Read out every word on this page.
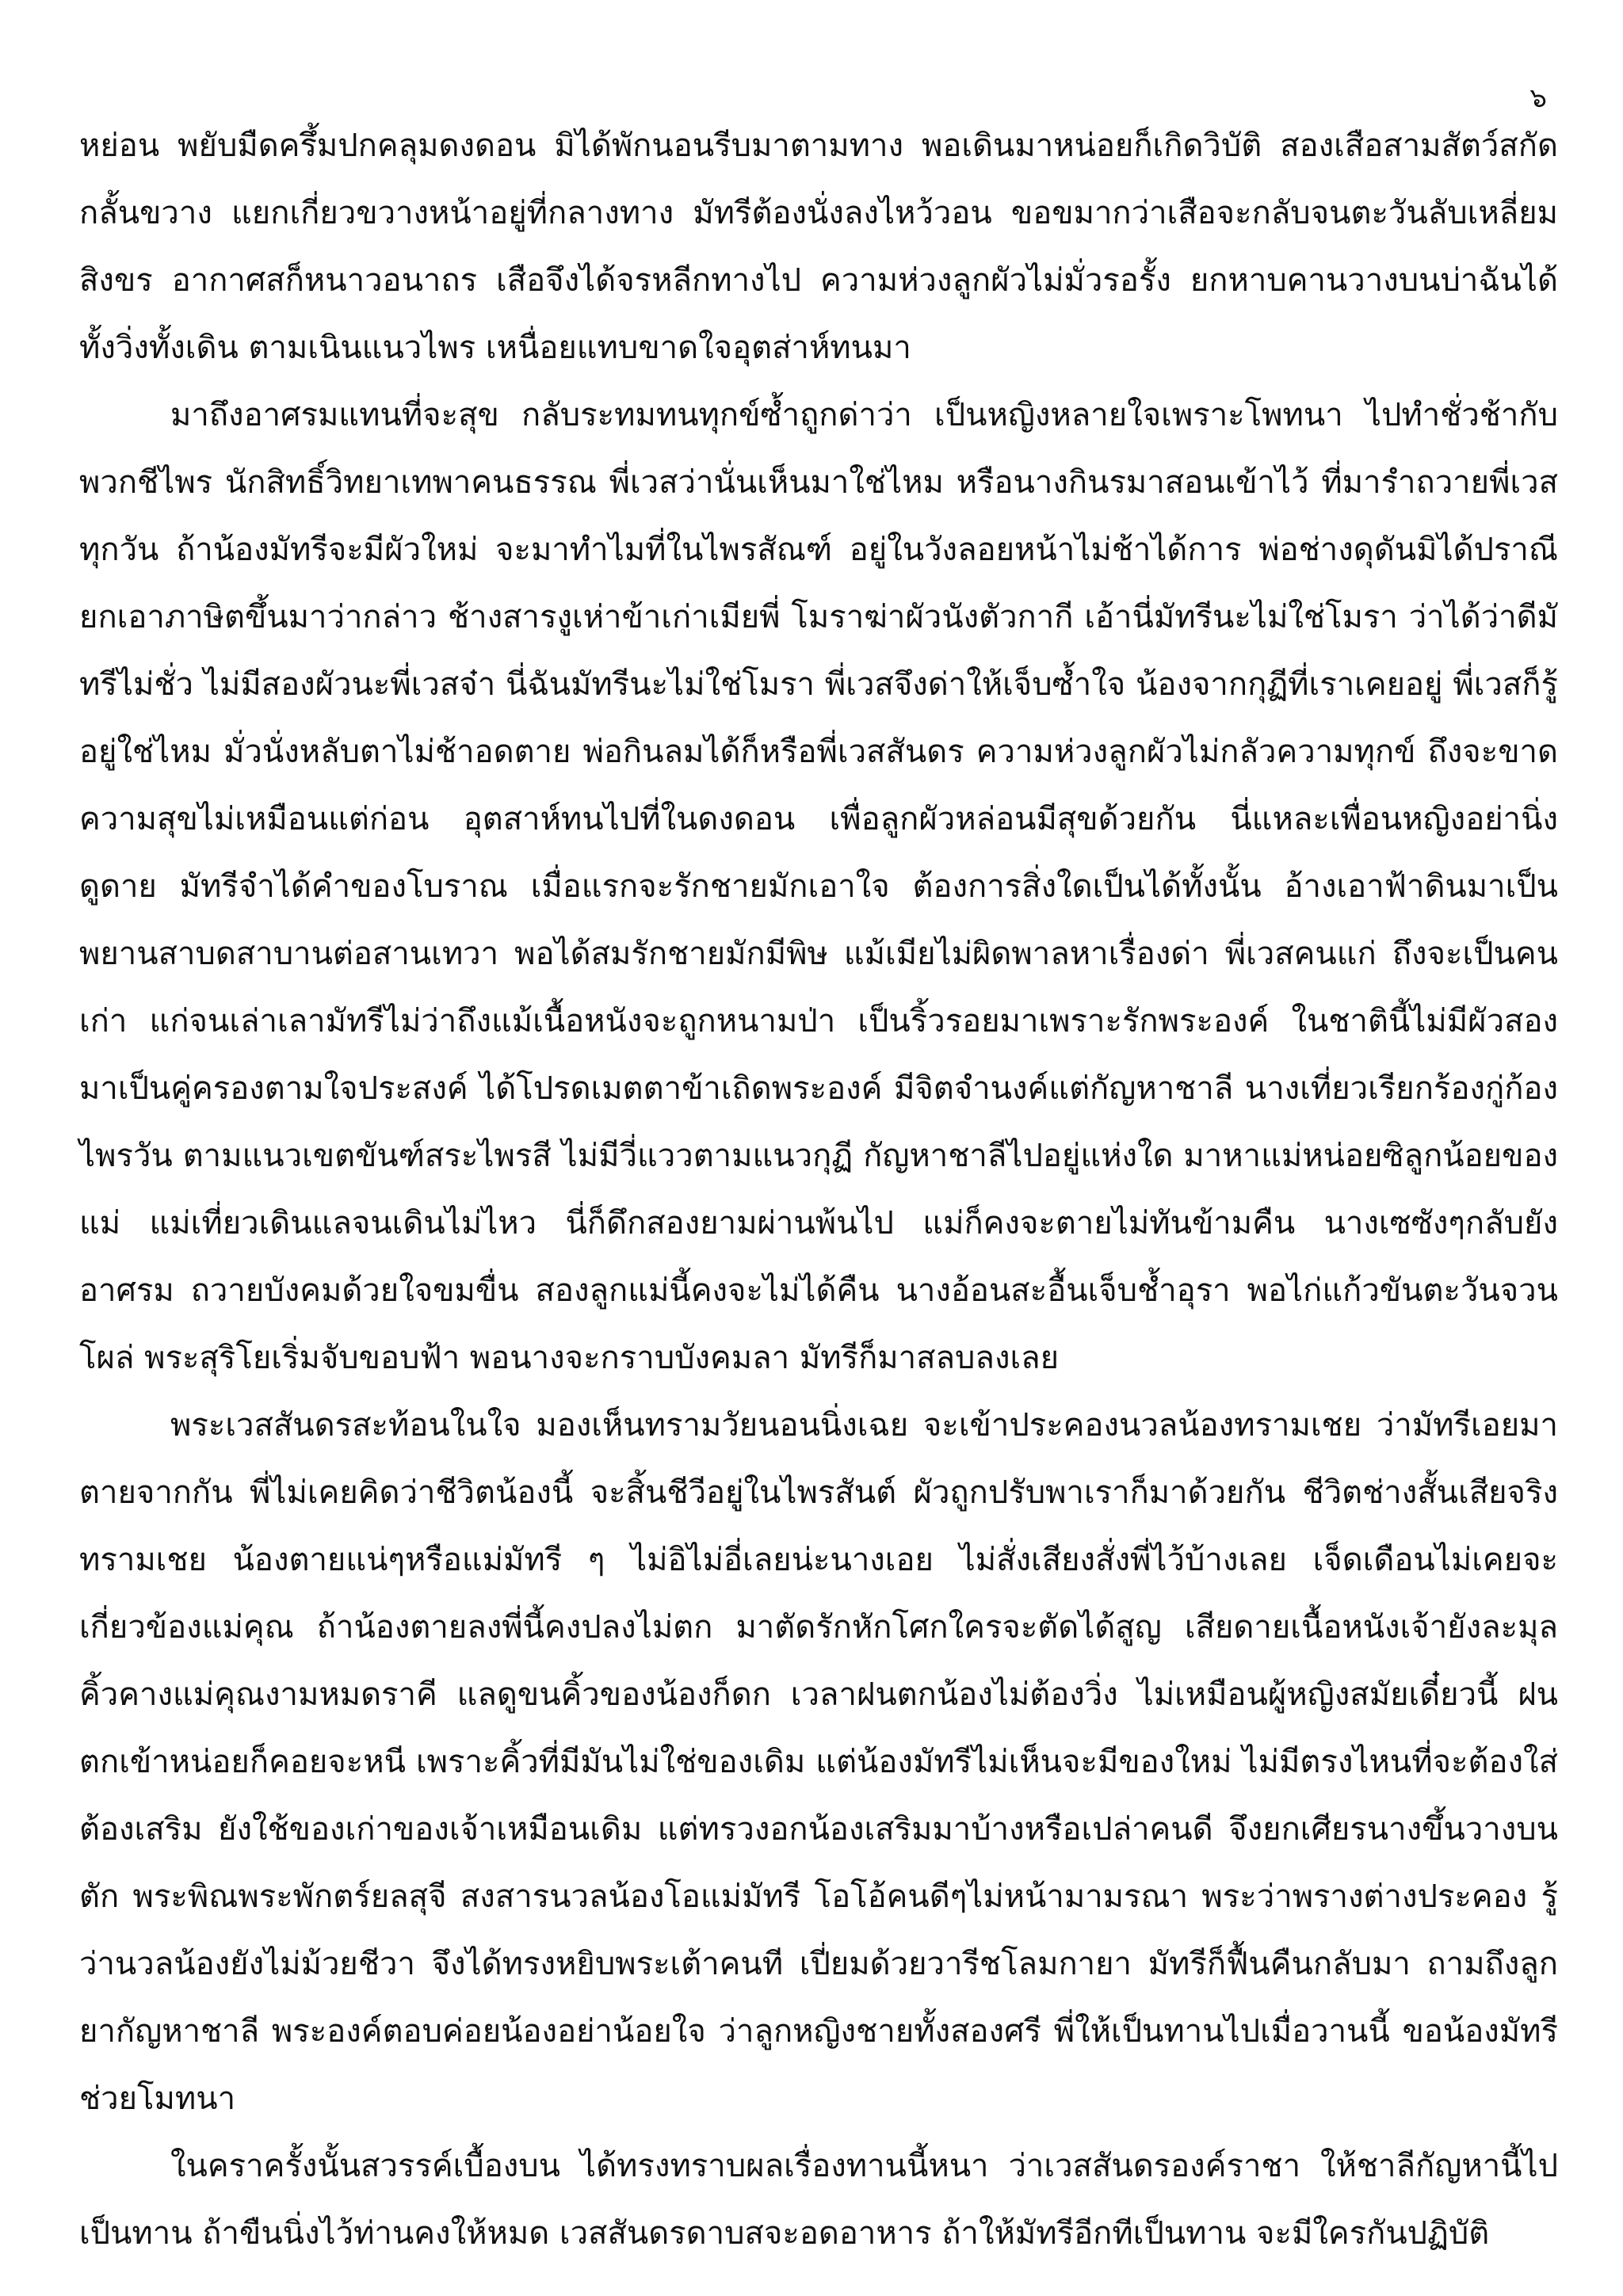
๖

หย่อน พยับมืดครึ้มปกคลุมดงดอน มิได้พักนอนรีบมาตามทาง พอเดินมาหน่อยก็เกิดวิบัติ สองเสือสามสัตว์สกัดกลั้นขวาง แยกเกี่ยวขวางหน้าอยู่ที่กลางทาง มัทรีต้องนั่งลงไหว้วอน ขอขมากว่าเสือจะกลับจนตะวันลับเหลี่ยมสิงขร อากาศสก็หนาวอนาถร เสือจึงได้จรหลีกทางไป ความห่วงลูกผัวไม่มั่วรอรั้ง ยกหาบคานวางบนบ่าฉันได้ ทั้งวิ่งทั้งเดิน ตามเนินแนวไพร เหนื่อยแทบขาดใจอุตส่าห์ทนมา

มาถึงอาศรมแทนที่จะสุข กลับระทมทนทุกข์ซ้ำถูกด่าว่า เป็นหญิงหลายใจเพราะโพทนา ไปทำชั่วช้ากับพวกชีไพร นักสิทธิ์วิทยาเทพาคนธรรณ พี่เวสว่านั่นเห็นมาใช่ไหม หรือนางกินรมาสอนเข้าไว้ ที่มารำถวายพี่เวสทุกวัน ถ้าน้องมัทรีจะมีผัวใหม่ จะมาทำไมที่ในไพรสัณฑ์ อยู่ในวังลอยหน้าไม่ช้าได้การ พ่อช่างดุดันมิได้ปราณี ยกเอาภาษิตขึ้นมาว่ากล่าว ช้างสารงูเห่าข้าเก่าเมียพี่ โมราฆ่าผัวนังตัวกากี เอ้านี่มัทรีนะไม่ใช่โมรา ว่าได้ว่าดีมัทรีไม่ชั่ว ไม่มีสองผัวนะพี่เวสจ๋า นี่ฉันมัทรีนะไม่ใช่โมรา พี่เวสจึงด่าให้เจ็บซ้ำใจ น้องจากกุฏีที่เราเคยอยู่ พี่เวสก็รู้อยู่ใช่ไหม มั่วนั่งหลับตาไม่ช้าอดตาย พ่อกินลมได้ก็หรือพี่เวสสันดร ความห่วงลูกผัวไม่กลัวความทุกข์ ถึงจะขาดความสุขไม่เหมือนแต่ก่อน อุตสาห์ทนไปที่ในดงดอน เพื่อลูกผัวหล่อนมีสุขด้วยกัน นี่แหละเพื่อนหญิงอย่านิ่งดูดาย มัทรีจำได้คำของโบราณ เมื่อแรกจะรักชายมักเอาใจ ต้องการสิ่งใดเป็นได้ทั้งนั้น อ้างเอาฟ้าดินมาเป็นพยานสาบดสาบานต่อสานเทวา พอได้สมรักชายมักมีพิษ แม้เมียไม่ผิดพาลหาเรื่องด่า พี่เวสคนแก่ ถึงจะเป็นคนเก่า แก่จนเล่าเลามัทรีไม่ว่าถึงแม้เนื้อหนังจะถูกหนามป่า เป็นริ้วรอยมาเพราะรักพระองค์ ในชาตินี้ไม่มีผัวสอง มาเป็นคู่ครองตามใจประสงค์ ได้โปรดเมตตาข้าเถิดพระองค์ มีจิตจำนงค์แต่กัญหาชาลี นางเที่ยวเรียกร้องกู่ก้องไพรวัน ตามแนวเขตขันฑ์สระไพรสี ไม่มีวี่แววตามแนวกุฏี กัญหาชาลีไปอยู่แห่งใด มาหาแม่หน่อยซิลูกน้อยของแม่ แม่เที่ยวเดินแลจนเดินไม่ไหว นี่ก็ดึกสองยามผ่านพ้นไป แม่ก็คงจะตายไม่ทันข้ามคืน นางเซซังๆกลับยังอาศรม ถวายบังคมด้วยใจขมขื่น สองลูกแม่นี้คงจะไม่ได้คืน นางอ้อนสะอื้นเจ็บช้ำอุรา พอไก่แก้วขันตะวันจวนโผล่ พระสุริโยเริ่มจับขอบฟ้า พอนางจะกราบบังคมลา มัทรีก็มาสลบลงเลย

พระเวสสันดรสะท้อนในใจ มองเห็นทรามวัยนอนนิ่งเฉย จะเข้าประคองนวลน้องทรามเชย ว่ามัทรีเอยมาตายจากกัน พี่ไม่เคยคิดว่าชีวิตน้องนี้ จะสิ้นชีวีอยู่ในไพรสันต์ ผัวถูกปรับพาเราก็มาด้วยกัน ชีวิตช่างสั้นเสียจริงทรามเชย น้องตายแน่ๆหรือแม่มัทรี ๆ ไม่อิไม่อี่เลยน่ะนางเอย ไม่สั่งเสียงสั่งพี่ไว้บ้างเลย เจ็ดเดือนไม่เคยจะเกี่ยวข้องแม่คุณ ถ้าน้องตายลงพี่นี้คงปลงไม่ตก มาตัดรักหักโศกใครจะตัดได้สูญ เสียดายเนื้อหนังเจ้ายังละมุลคิ้วคางแม่คุณงามหมดราคี แลดูขนคิ้วของน้องก็ดก เวลาฝนตกน้องไม่ต้องวิ่ง ไม่เหมือนผู้หญิงสมัยเดี๋ยวนี้ ฝนตกเข้าหน่อยก็คอยจะหนี เพราะคิ้วที่มีมันไม่ใช่ของเดิม แต่น้องมัทรีไม่เห็นจะมีของใหม่ ไม่มีตรงไหนที่จะต้องใส่ต้องเสริม ยังใช้ของเก่าของเจ้าเหมือนเดิม แต่ทรวงอกน้องเสริมมาบ้างหรือเปล่าคนดี จึงยกเศียรนางขึ้นวางบนตัก พระพิณพระพักตร์ยลสุจี สงสารนวลน้องโอแม่มัทรี โอโอ้คนดีๆไม่หน้ามามรณา พระว่าพรางต่างประคอง รู้ว่านวลน้องยังไม่ม้วยชีวา จึงได้ทรงหยิบพระเต้าคนที เปี่ยมด้วยวารีชโลมกายา มัทรีก็ฟื้นคืนกลับมา ถามถึงลูกยากัญหาชาลี พระองค์ตอบค่อยน้องอย่าน้อยใจ ว่าลูกหญิงชายทั้งสองศรี พี่ให้เป็นทานไปเมื่อวานนี้ ขอน้องมัทรีช่วยโมทนา

ในคราครั้งนั้นสวรรค์เบื้องบน ได้ทรงทราบผลเรื่องทานนี้หนา ว่าเวสสันดรองค์ราชา ให้ชาลีกัญหานี้ไปเป็นทาน ถ้าขืนนิ่งไว้ท่านคงให้หมด เวสสันดรดาบสจะอดอาหาร ถ้าให้มัทรีอีกทีเป็นทาน จะมีใครกันปฏิบัติ
